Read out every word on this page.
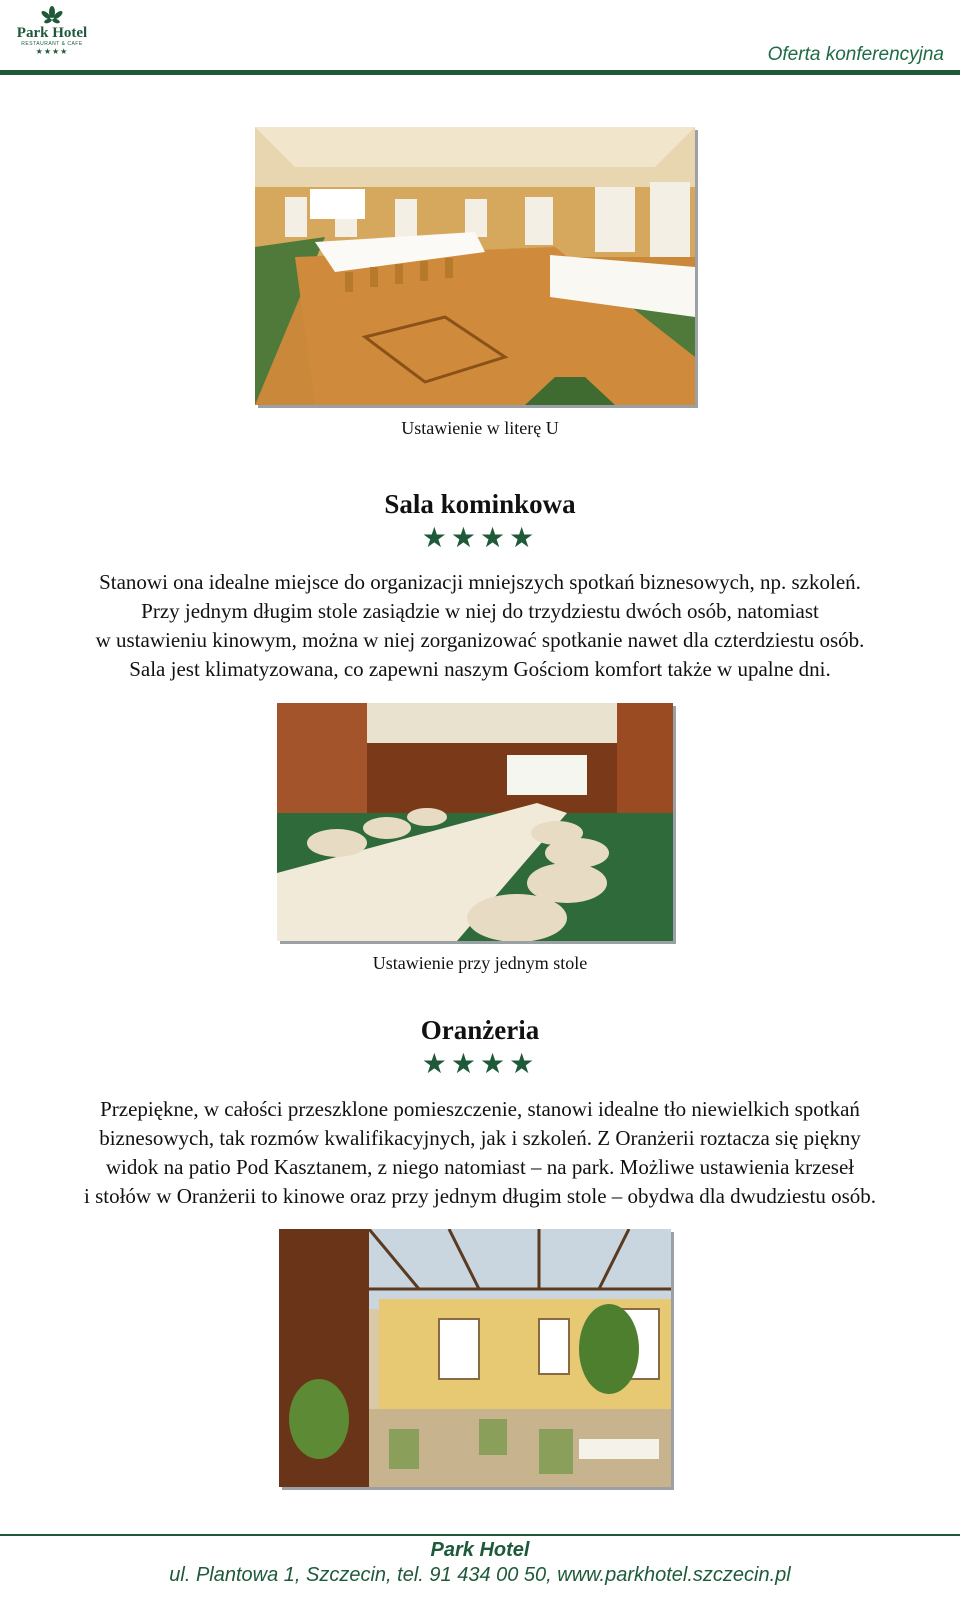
Park Hotel
RESTAURANT & CAFE
★★★★	Oferta konferencyjna
Ustawienie w literę U
Sala kominkowa
★★★★
Stanowi ona idealne miejsce do organizacji mniejszych spotkań biznesowych, np. szkoleń.
Przy jednym długim stole zasiądzie w niej do trzydziestu dwóch osób, natomiast
w ustawieniu kinowym, można w niej zorganizować spotkanie nawet dla czterdziestu osób.
Sala jest klimatyzowana, co zapewni naszym Gościom komfort także w upalne dni.
Ustawienie przy jednym stole
Oranżeria
★★★★
Przepiękne, w całości przeszklone pomieszczenie, stanowi idealne tło niewielkich spotkań
biznesowych, tak rozmów kwalifikacyjnych, jak i szkoleń. Z Oranżerii roztacza się piękny
widok na patio Pod Kasztanem, z niego natomiast – na park. Możliwe ustawienia krzeseł
i stołów w Oranżerii to kinowe oraz przy jednym długim stole – obydwa dla dwudziestu osób.
Park Hotel
ul. Plantowa 1, Szczecin, tel. 91 434 00 50, www.parkhotel.szczecin.pl
